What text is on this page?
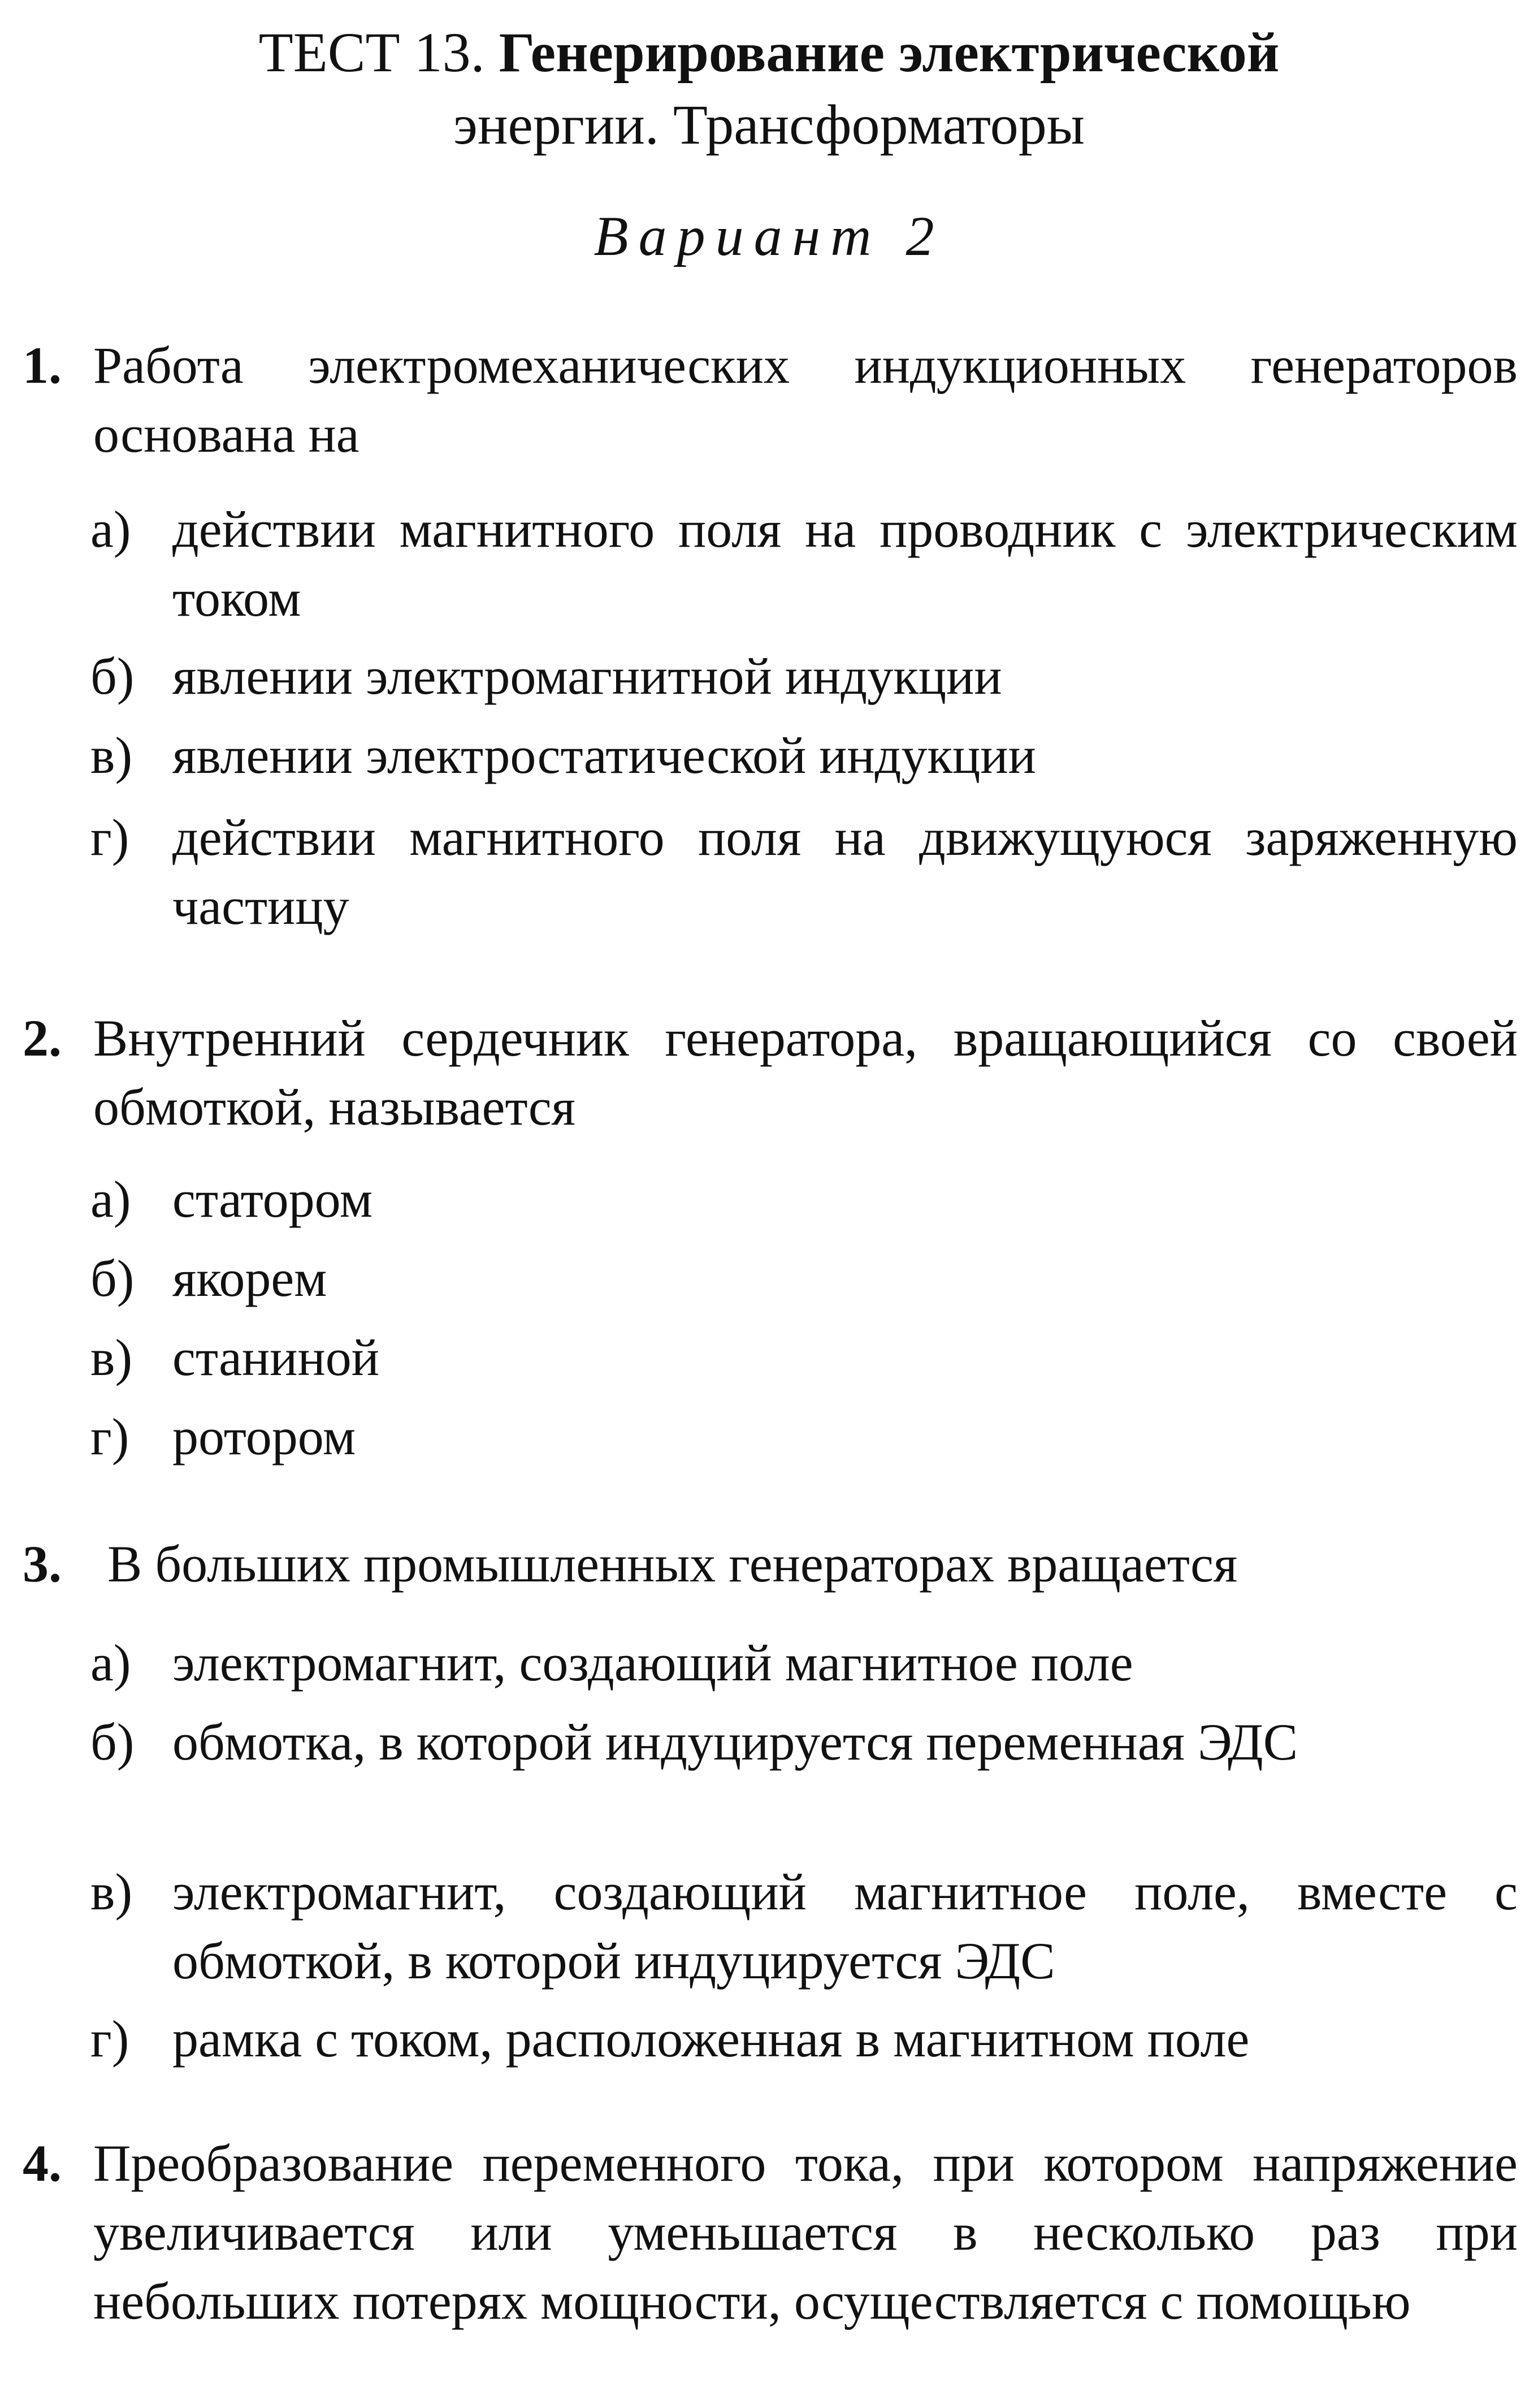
ТЕСТ 13. Генерирование электрической
энергии. Трансформаторы
Вариант 2
1. Работа электромеханических индукционных генераторов основана на
а) действии магнитного поля на проводник с электрическим током
б) явлении электромагнитной индукции
в) явлении электростатической индукции
г) действии магнитного поля на движущуюся заряженную частицу
2. Внутренний сердечник генератора, вращающийся со своей обмоткой, называется
а) статором
б) якорем
в) станиной
г) ротором
3. В больших промышленных генераторах вращается
а) электромагнит, создающий магнитное поле
б) обмотка, в которой индуцируется переменная ЭДС
в) электромагнит, создающий магнитное поле, вместе с обмоткой, в которой индуцируется ЭДС
г) рамка с током, расположенная в магнитном поле
4. Преобразование переменного тока, при котором напряжение увеличивается или уменьшается в несколько раз при небольших потерях мощности, осуществляется с помощью
